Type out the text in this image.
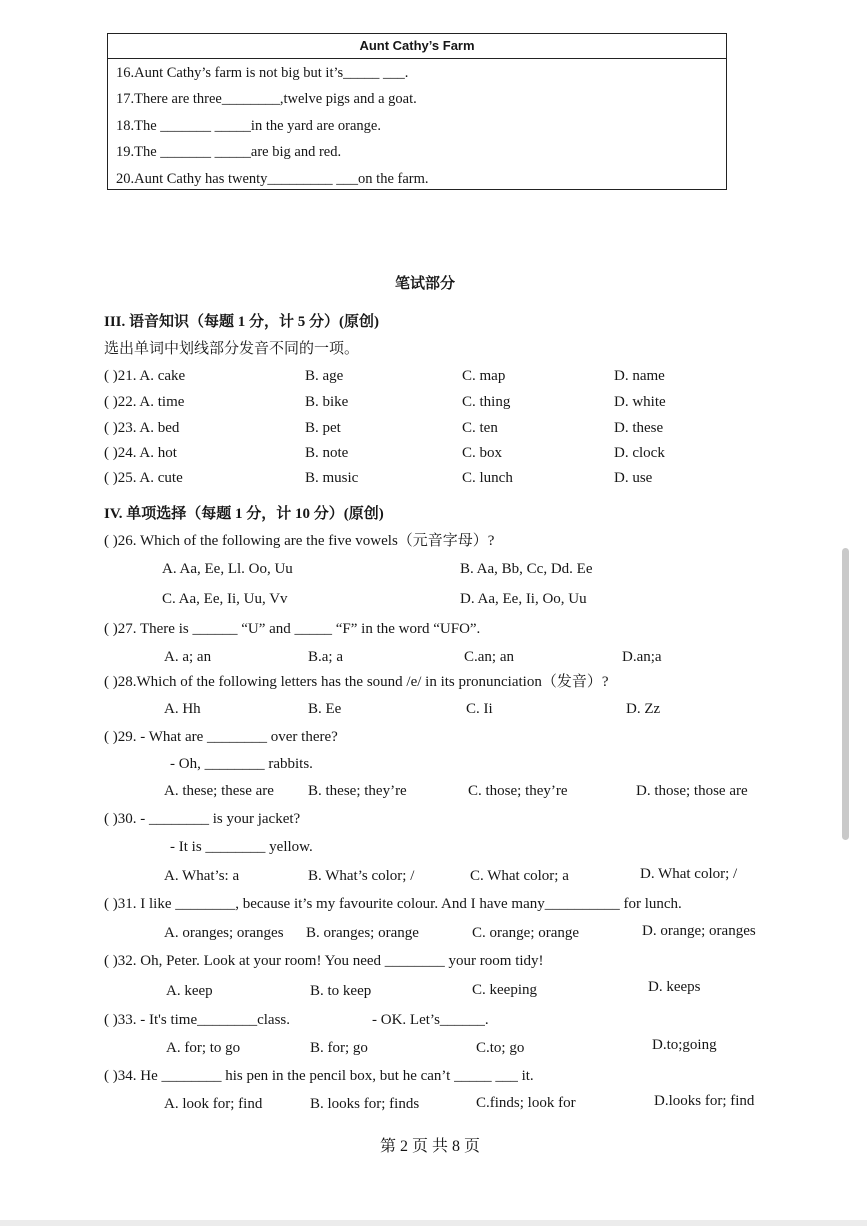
Aunt Cathy’s Farm
16.Aunt Cathy’s farm is not big but it’s_____ ___.
17.There are three________,twelve pigs and a goat.
18.The _______ _____in the yard are orange.
19.The _______ _____are big and red.
20.Aunt Cathy has twenty_________ ___on the farm.
笔试部分
III. 语音知识（每题 1 分，计 5 分）(原创)
选出单词中划线部分发音不同的一项。
( )21. A. cake	B. age	C. map	D. name
( )22. A. time	B. bike	C. thing	D. white
( )23. A. bed	B. pet	C. ten	D. these
( )24. A. hot	B. note	C. box	D. clock
( )25. A. cute	B. music	C. lunch	D. use
IV. 单项选择（每题 1 分，计 10 分）(原创)
( )26. Which of the following are the five vowels（元音字母）?
A. Aa, Ee, Ll. Oo, Uu	B. Aa, Bb, Cc, Dd. Ee
C. Aa, Ee, Ii, Uu, Vv	D. Aa, Ee, Ii, Oo, Uu
( )27. There is ______ “U” and _____ “F” in the word “UFO”.
A. a; an	B.a; a	C.an; an	D.an;a
( )28.Which of the following letters has the sound /e/ in its pronunciation（发音）?
A. Hh	B. Ee	C. Ii	D. Zz
( )29. - What are ________ over there?
- Oh, ________ rabbits.
A. these; these are B. these; they’re	C. those; they’re	D. those; those are
( )30. - ________ is your jacket?
- It is ________ yellow.
A. What’s: a	B. What’s color; /	C. What color; a	D. What color; /
( )31. I like ________, because it’s my favourite colour. And I have many__________ for lunch.
A. oranges; oranges B. oranges; orange	C. orange; orange	D. orange; oranges
( )32. Oh, Peter. Look at your room! You need ________ your room tidy!
A. keep	B. to keep	C. keeping	D. keeps
( )33. - It's time________class.	- OK. Let’s______.
A. for; to go	B. for; go	C.to; go	D.to;going
( )34. He ________ his pen in the pencil box, but he can’t _____ ___ it.
A. look for; find	B. looks for; finds	C.finds; look for	D.looks for; find
第 2 页 共 8 页
